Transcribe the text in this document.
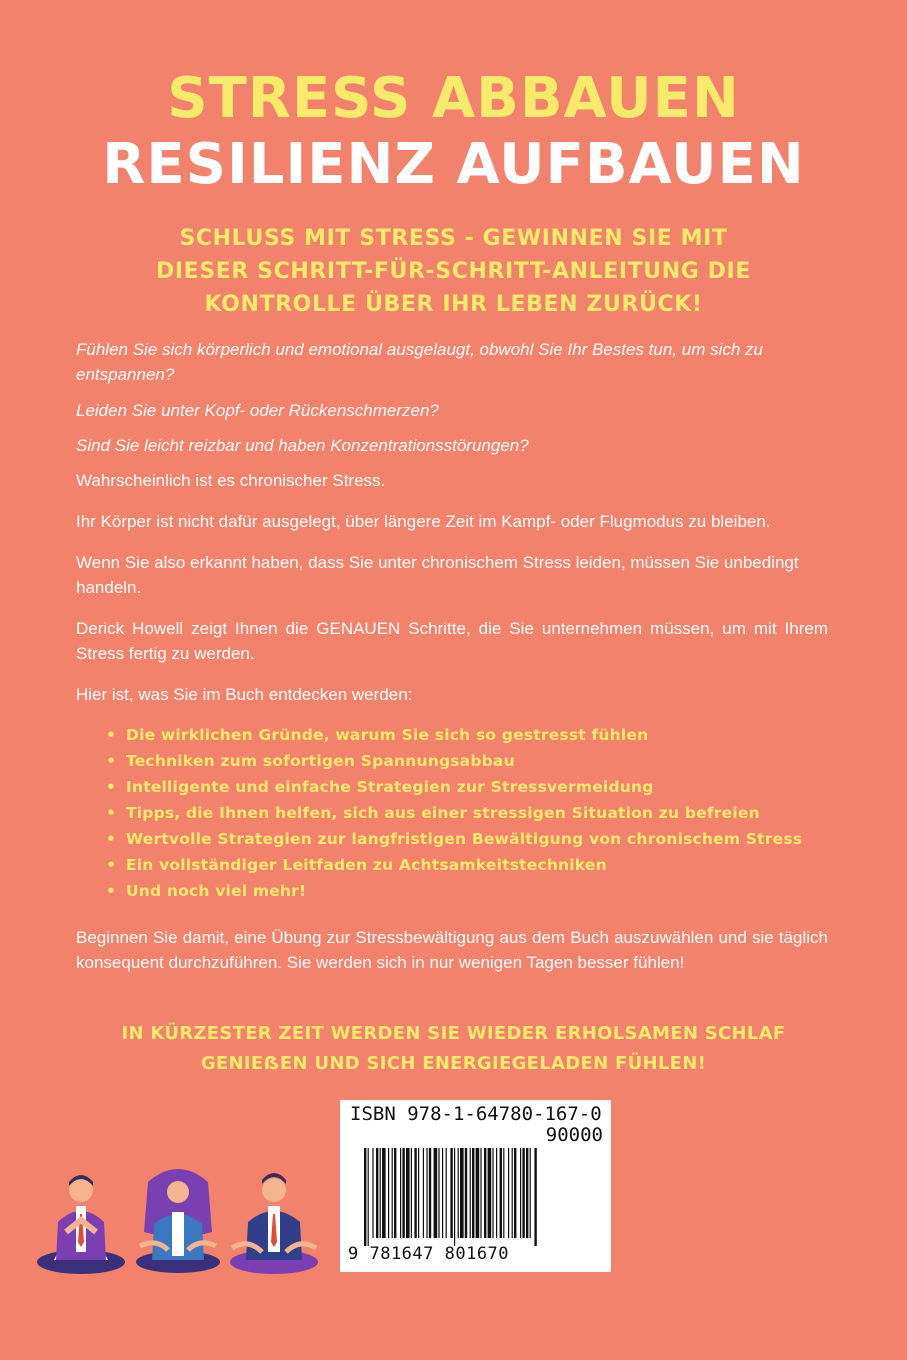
STRESS ABBAUEN
RESILIENZ AUFBAUEN
SCHLUSS MIT STRESS - GEWINNEN SIE MIT
DIESER SCHRITT-FÜR-SCHRITT-ANLEITUNG DIE
KONTROLLE ÜBER IHR LEBEN ZURÜCK!

Fühlen Sie sich körperlich und emotional ausgelaugt, obwohl Sie Ihr Bestes tun, um sich zu entspannen?

Leiden Sie unter Kopf- oder Rückenschmerzen?

Sind Sie leicht reizbar und haben Konzentrationsstörungen?

Wahrscheinlich ist es chronischer Stress.

Ihr Körper ist nicht dafür ausgelegt, über längere Zeit im Kampf- oder Flugmodus zu bleiben.

Wenn Sie also erkannt haben, dass Sie unter chronischem Stress leiden, müssen Sie unbedingt handeln.

Derick Howell zeigt Ihnen die GENAUEN Schritte, die Sie unternehmen müssen, um mit Ihrem Stress fertig zu werden.

Hier ist, was Sie im Buch entdecken werden:

• Die wirklichen Gründe, warum Sie sich so gestresst fühlen
• Techniken zum sofortigen Spannungsabbau
• Intelligente und einfache Strategien zur Stressvermeidung
• Tipps, die Ihnen helfen, sich aus einer stressigen Situation zu befreien
• Wertvolle Strategien zur langfristigen Bewältigung von chronischem Stress
• Ein vollständiger Leitfaden zu Achtsamkeitstechniken
• Und noch viel mehr!

Beginnen Sie damit, eine Übung zur Stressbewältigung aus dem Buch auszuwählen und sie täglich konsequent durchzuführen. Sie werden sich in nur wenigen Tagen besser fühlen!

IN KÜRZESTER ZEIT WERDEN SIE WIEDER ERHOLSAMEN SCHLAF
GENIEẞEN UND SICH ENERGIEGELADEN FÜHLEN!
ISBN 978-1-64780-167-0
90000
9 781647 801670
